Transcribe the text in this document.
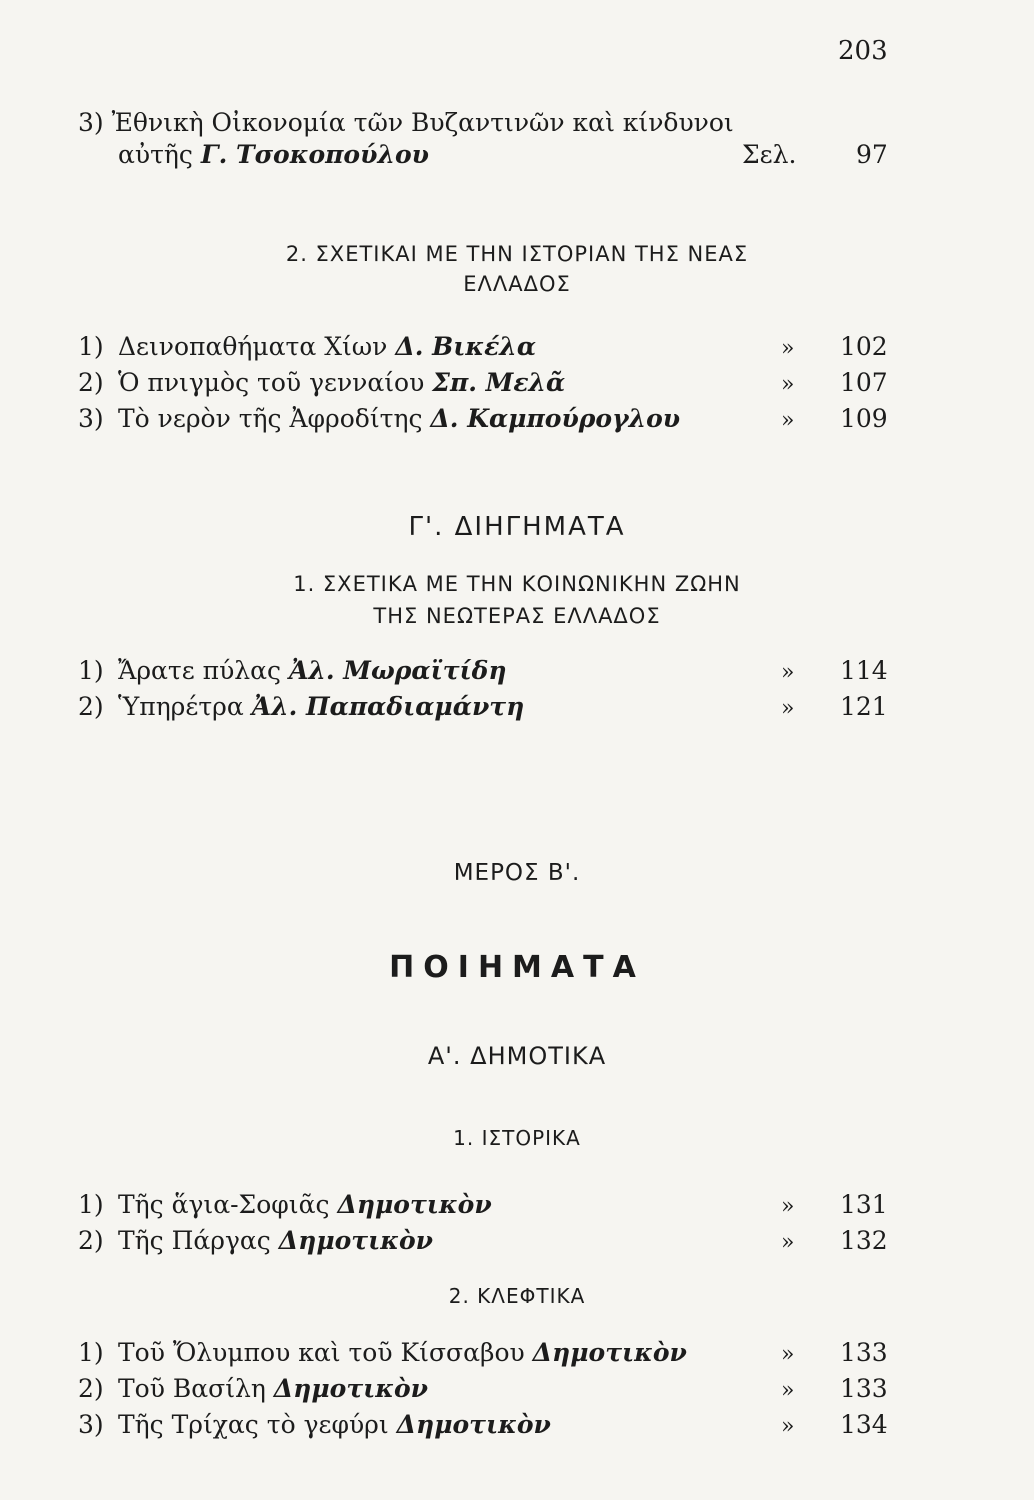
203
3) Ἐθνικὴ Οἰκονομία τῶν Βυζαντινῶν καὶ κίνδυνοι
αὐτῆς Γ. Τσοκοπούλου	Σελ. 97
2. ΣΧΕΤΙΚΑΙ ΜΕ ΤΗΝ ΙΣΤΟΡΙΑΝ ΤΗΣ ΝΕΑΣ
ΕΛΛΑΔΟΣ
1) Δεινοπαθήματα Χίων Δ. Βικέλα	» 102
2) Ὁ πνιγμὸς τοῦ γενναίου Σπ. Μελᾶ	» 107
3) Τὸ νερὸν τῆς Ἀφροδίτης Δ. Καμπούρογλου	» 109
Γ'. ΔΙΗΓΗΜΑΤΑ
1. ΣΧΕΤΙΚΑ ΜΕ ΤΗΝ ΚΟΙΝΩΝΙΚΗΝ ΖΩΗΝ
ΤΗΣ ΝΕΩΤΕΡΑΣ ΕΛΛΑΔΟΣ
1) Ἄρατε πύλας Ἀλ. Μωραϊτίδη	» 114
2) Ὑπηρέτρα Ἀλ. Παπαδιαμάντη	» 121
ΜΕΡΟΣ Β'.
ΠΟΙΗΜΑΤΑ
Α'. ΔΗΜΟΤΙΚΑ
1. ΙΣΤΟΡΙΚΑ
1) Τῆς ἅγια-Σοφιᾶς Δημοτικὸν	» 131
2) Τῆς Πάργας Δημοτικὸν	» 132
2. ΚΛΕΦΤΙΚΑ
1) Τοῦ Ὄλυμπου καὶ τοῦ Κίσσαβου Δημοτικὸν	» 133
2) Τοῦ Βασίλη Δημοτικὸν	» 133
3) Τῆς Τρίχας τὸ γεφύρι Δημοτικὸν	» 134
